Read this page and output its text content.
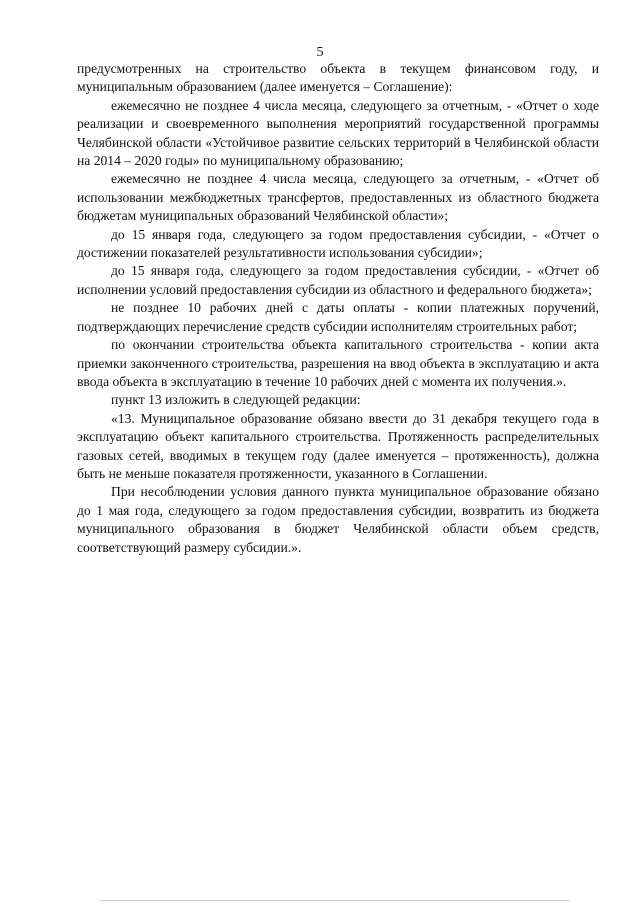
5

предусмотренных на строительство объекта в текущем финансовом году, и муниципальным образованием (далее именуется – Соглашение):

ежемесячно не позднее 4 числа месяца, следующего за отчетным, - «Отчет о ходе реализации и своевременного выполнения мероприятий государственной программы Челябинской области «Устойчивое развитие сельских территорий в Челябинской области на 2014 – 2020 годы» по муниципальному образованию;

ежемесячно не позднее 4 числа месяца, следующего за отчетным, - «Отчет об использовании межбюджетных трансфертов, предоставленных из областного бюджета бюджетам муниципальных образований Челябинской области»;

до 15 января года, следующего за годом предоставления субсидии, - «Отчет о достижении показателей результативности использования субсидии»;

до 15 января года, следующего за годом предоставления субсидии, - «Отчет об исполнении условий предоставления субсидии из областного и федерального бюджета»;

не позднее 10 рабочих дней с даты оплаты - копии платежных поручений, подтверждающих перечисление средств субсидии исполнителям строительных работ;

по окончании строительства объекта капитального строительства - копии акта приемки законченного строительства, разрешения на ввод объекта в эксплуатацию и акта ввода объекта в эксплуатацию в течение 10 рабочих дней с момента их получения.».

пункт 13 изложить в следующей редакции:

«13. Муниципальное образование обязано ввести до 31 декабря текущего года в эксплуатацию объект капитального строительства. Протяженность распределительных газовых сетей, вводимых в текущем году (далее именуется – протяженность), должна быть не меньше показателя протяженности, указанного в Соглашении.

При несоблюдении условия данного пункта муниципальное образование обязано до 1 мая года, следующего за годом предоставления субсидии, возвратить из бюджета муниципального образования в бюджет Челябинской области объем средств, соответствующий размеру субсидии.».
